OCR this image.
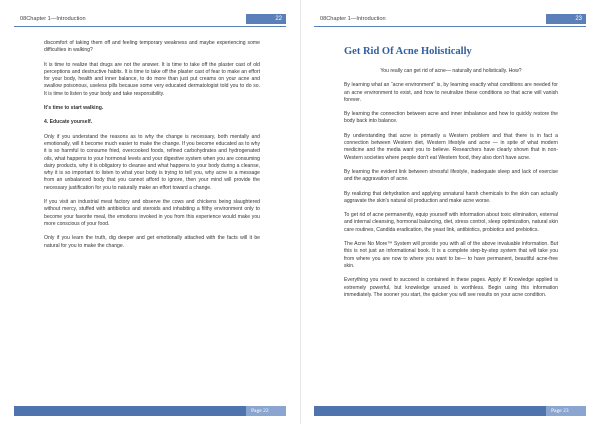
08Chapter 1—Introduction	22

discomfort of taking them off and feeling temporary weakness and maybe experiencing some difficulties in walking?

It is time to realize that drugs are not the answer. It is time to take off the plaster cast of old perceptions and destructive habits. It is time to take off the plaster cast of fear to make an effort for your body, health and inner balance, to do more than just put creams on your acne and swallow poisonous, useless pills because some very educated dermatologist told you to do so. It is time to listen to your body and take responsibility.

It's time to start walking.

4. Educate yourself.

Only if you understand the reasons as to why the change is necessary, both mentally and emotionally, will it become much easier to make the change. If you become educated as to why it is so harmful to consume fried, overcooked foods, refined carbohydrates and hydrogenated oils, what happens to your hormonal levels and your digestive system when you are consuming dairy products, why it is obligatory to cleanse and what happens to your body during a cleanse, why it is so important to listen to what your body is trying to tell you, why acne is a message from an unbalanced body that you cannot afford to ignore, then your mind will provide the necessary justification for you to naturally make an effort toward a change.

If you visit an industrial meat factory and observe the cows and chickens being slaughtered without mercy, stuffed with antibiotics and steroids and inhabiting a filthy environment only to become your favorite meal, the emotions invoked in you from this experience would make you more conscious of your food.

Only if you learn the truth, dig deeper and get emotionally attached with the facts will it be natural for you to make the change.

Page 22
08Chapter 1—Introduction	23
Get Rid Of Acne Holistically

You really can get rid of acne— naturally and holistically. How?

By learning what an “acne environment” is, by learning exactly what conditions are needed for an acne environment to exist, and how to neutralize these conditions so that acne will vanish forever.

By learning the connection between acne and inner imbalance and how to quickly restore the body back into balance.

By understanding that acne is primarily a Western problem and that there is in fact a connection between Western diet, Western lifestyle and acne — in spite of what modern medicine and the media want you to believe. Researchers have clearly shown that in non-Western societies where people don't eat Western food, they also don't have acne.

By learning the evident link between stressful lifestyle, inadequate sleep and lack of exercise and the aggravation of acne.

By realizing that dehydration and applying unnatural harsh chemicals to the skin can actually aggravate the skin's natural oil production and make acne worse.

To get rid of acne permanently, equip yourself with information about toxic elimination, external and internal cleansing, hormonal balancing, diet, stress control, sleep optimization, natural skin care routines, Candida eradication, the yeast link, antibiotics, probiotics and prebiotics.

The Acne No More™ System will provide you with all of the above invaluable information. But this is not just an informational book. It is a complete step-by-step system that will take you from where you are now to where you want to be— to have permanent, beautiful acne-free skin.

Everything you need to succeed is contained in these pages. Apply it! Knowledge applied is extremely powerful, but knowledge unused is worthless. Begin using this information immediately. The sooner you start, the quicker you will see results on your acne condition.

Page 23
